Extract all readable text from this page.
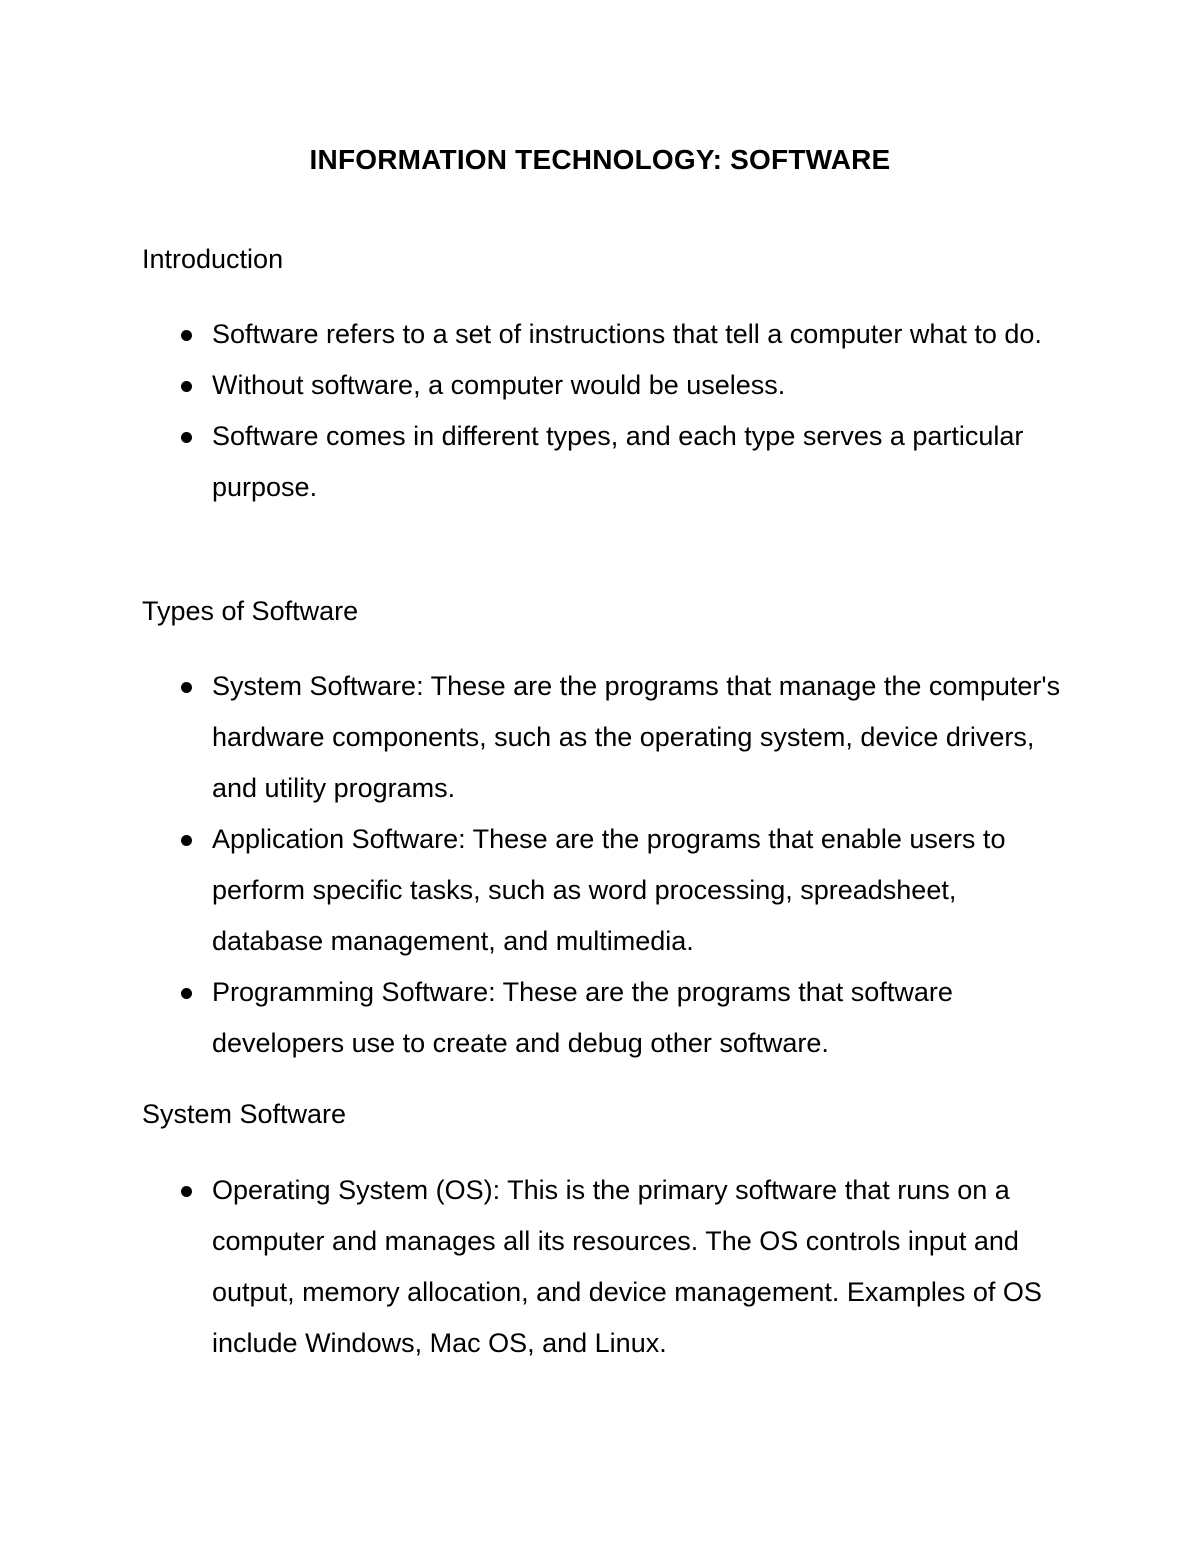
INFORMATION TECHNOLOGY: SOFTWARE
Introduction
Software refers to a set of instructions that tell a computer what to do.
Without software, a computer would be useless.
Software comes in different types, and each type serves a particular purpose.
Types of Software
System Software: These are the programs that manage the computer's hardware components, such as the operating system, device drivers, and utility programs.
Application Software: These are the programs that enable users to perform specific tasks, such as word processing, spreadsheet, database management, and multimedia.
Programming Software: These are the programs that software developers use to create and debug other software.
System Software
Operating System (OS): This is the primary software that runs on a computer and manages all its resources. The OS controls input and output, memory allocation, and device management. Examples of OS include Windows, Mac OS, and Linux.
